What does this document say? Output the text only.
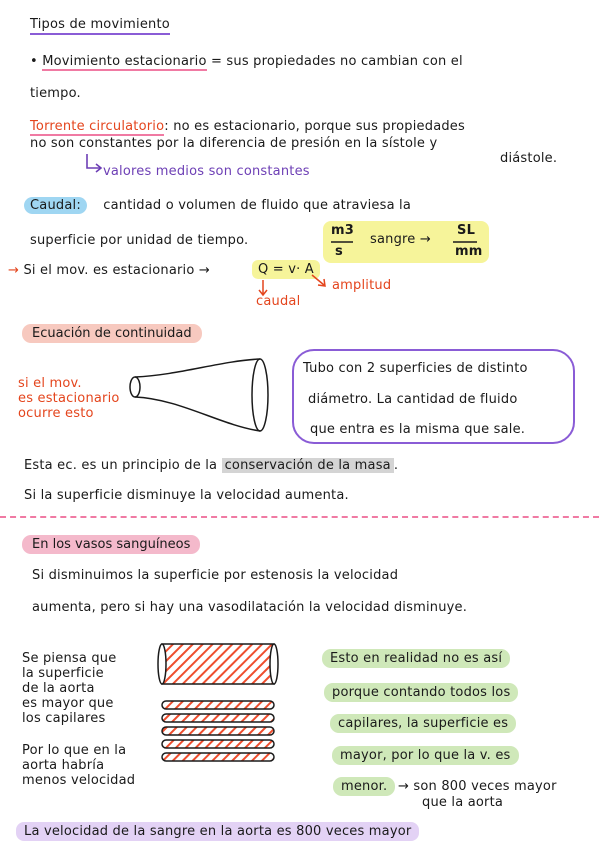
Tipos de movimiento
• Movimiento estacionario = sus propiedades no cambian con el
tiempo.
Torrente circulatorio: no es estacionario, porque sus propiedades
no son constantes por la diferencia de presión en la sístole y
diástole.
valores medios son constantes
Caudal: cantidad o volumen de fluido que atraviesa la
superficie por unidad de tiempo.
m3
s
sangre →
SL
mm
→ Si el mov. es estacionario →	Q = v· A
caudal
amplitud
Ecuación de continuidad
si el mov.
es estacionario
ocurre esto
Tubo con 2 superficies de distinto
diámetro. La cantidad de fluido
que entra es la misma que sale.
Esta ec. es un principio de la conservación de la masa .
Si la superficie disminuye la velocidad aumenta.
En los vasos sanguíneos
Si disminuimos la superficie por estenosis la velocidad
aumenta, pero si hay una vasodilatación la velocidad disminuye.
Se piensa que
la superficie
de la aorta
es mayor que
los capilares
Por lo que en la
aorta habría
menos velocidad
Esto en realidad no es así
porque contando todos los
capilares, la superficie es
mayor, por lo que la v. es
menor. → son 800 veces mayor
que la aorta
La velocidad de la sangre en la aorta es 800 veces mayor
